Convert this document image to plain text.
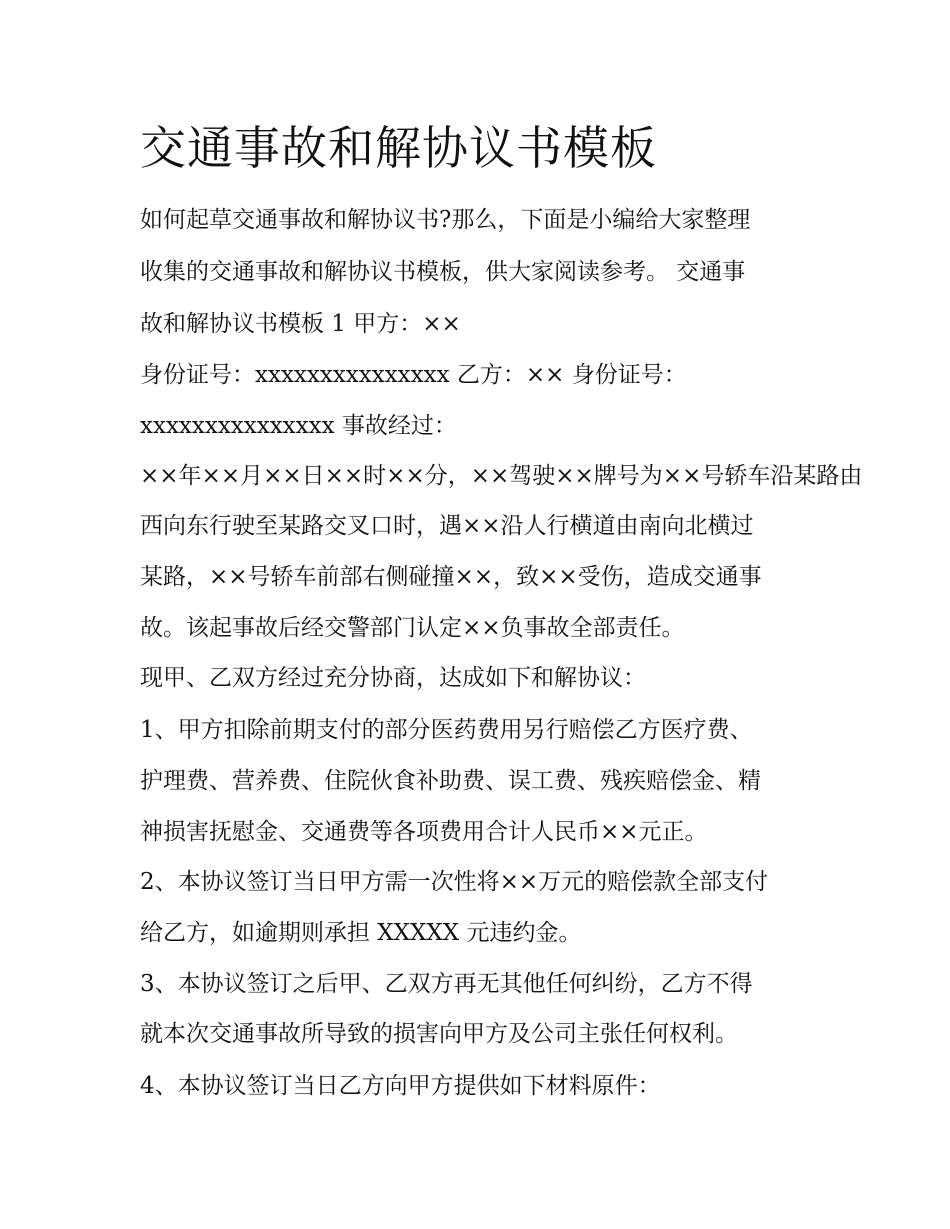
交通事故和解协议书模板

如何起草交通事故和解协议书?那么，下面是小编给大家整理

收集的交通事故和解协议书模板，供大家阅读参考。 交通事

故和解协议书模板 1 甲方：××

身份证号：xxxxxxxxxxxxxxx 乙方：×× 身份证号：

xxxxxxxxxxxxxxx 事故经过：

××年××月××日××时××分，××驾驶××牌号为××号轿车沿某路由

西向东行驶至某路交叉口时，遇××沿人行横道由南向北横过

某路，××号轿车前部右侧碰撞××，致××受伤，造成交通事

故。该起事故后经交警部门认定××负事故全部责任。

现甲、乙双方经过充分协商，达成如下和解协议：

1、甲方扣除前期支付的部分医药费用另行赔偿乙方医疗费、

护理费、营养费、住院伙食补助费、误工费、残疾赔偿金、精

神损害抚慰金、交通费等各项费用合计人民币××元正。

2、本协议签订当日甲方需一次性将××万元的赔偿款全部支付

给乙方，如逾期则承担 XXXXX 元违约金。

3、本协议签订之后甲、乙双方再无其他任何纠纷，乙方不得

就本次交通事故所导致的损害向甲方及公司主张任何权利。

4、本协议签订当日乙方向甲方提供如下材料原件：
